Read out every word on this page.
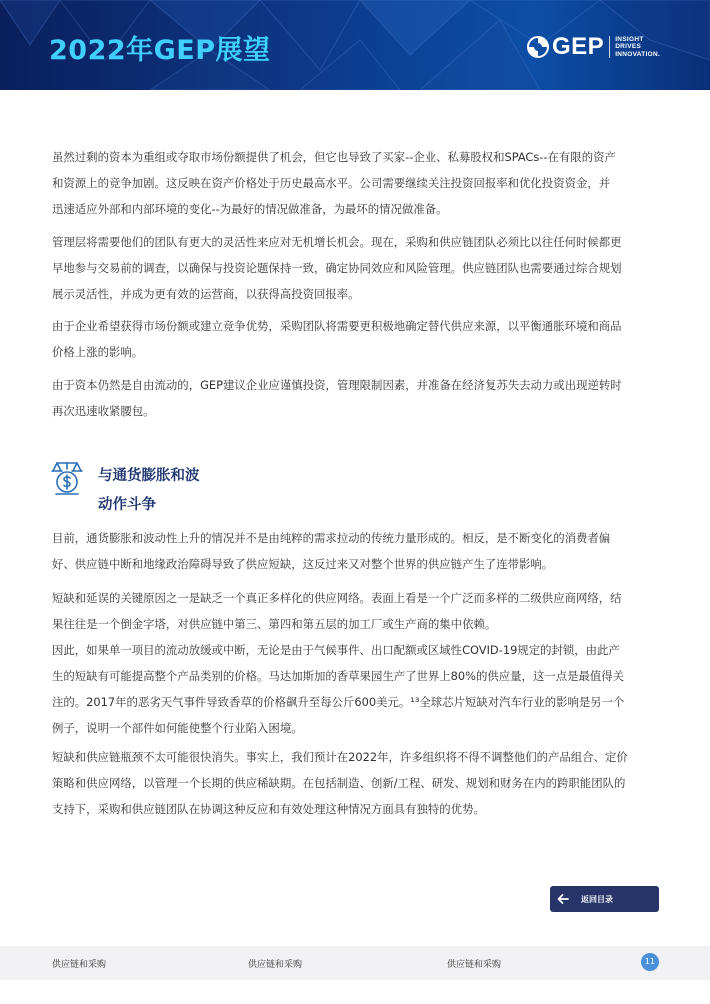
2022年GEP展望	GEP INSIGHT
DRIVES
INNOVATION.
虽然过剩的资本为重组或夺取市场份额提供了机会，但它也导致了买家--企业、私募股权和SPACs--在有限的资产
和资源上的竞争加剧。这反映在资产价格处于历史最高水平。公司需要继续关注投资回报率和优化投资资金，并
迅速适应外部和内部环境的变化--为最好的情况做准备，为最坏的情况做准备。
管理层将需要他们的团队有更大的灵活性来应对无机增长机会。现在，采购和供应链团队必须比以往任何时候都更
早地参与交易前的调查，以确保与投资论题保持一致，确定协同效应和风险管理。供应链团队也需要通过综合规划
展示灵活性，并成为更有效的运营商，以获得高投资回报率。
由于企业希望获得市场份额或建立竞争优势，采购团队将需要更积极地确定替代供应来源，以平衡通胀环境和商品
价格上涨的影响。
由于资本仍然是自由流动的，GEP建议企业应谨慎投资，管理限制因素，并准备在经济复苏失去动力或出现逆转时
再次迅速收紧腰包。
与通货膨胀和波
动作斗争
目前，通货膨胀和波动性上升的情况并不是由纯粹的需求拉动的传统力量形成的。相反，是不断变化的消费者偏
好、供应链中断和地缘政治障碍导致了供应短缺，这反过来又对整个世界的供应链产生了连带影响。
短缺和延误的关键原因之一是缺乏一个真正多样化的供应网络。表面上看是一个广泛而多样的二级供应商网络，结
果往往是一个倒金字塔，对供应链中第三、第四和第五层的加工厂或生产商的集中依赖。
因此，如果单一项目的流动放缓或中断，无论是由于气候事件、出口配额或区域性COVID-19规定的封锁，由此产
生的短缺有可能提高整个产品类别的价格。马达加斯加的香草果园生产了世界上80%的供应量，这一点是最值得关
注的。2017年的恶劣天气事件导致香草的价格飙升至每公斤600美元。¹³全球芯片短缺对汽车行业的影响是另一个
例子，说明一个部件如何能使整个行业陷入困境。
短缺和供应链瓶颈不太可能很快消失。事实上，我们预计在2022年，许多组织将不得不调整他们的产品组合、定价
策略和供应网络，以管理一个长期的供应稀缺期。在包括制造、创新/工程、研发、规划和财务在内的跨职能团队的
支持下，采购和供应链团队在协调这种反应和有效处理这种情况方面具有独特的优势。
返回目录
供应链和采购	供应链和采购	供应链和采购	11
